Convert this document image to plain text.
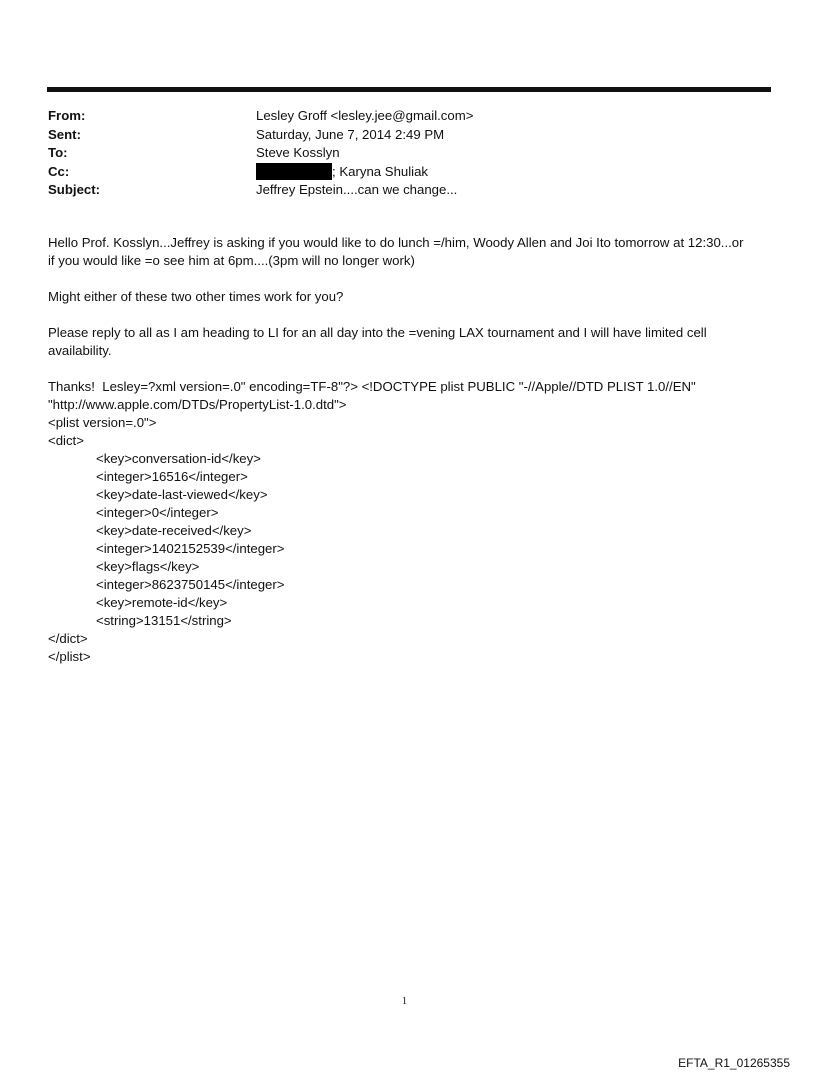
From:	Lesley Groff <lesley.jee@gmail.com>
Sent:	Saturday, June 7, 2014 2:49 PM
To:	Steve Kosslyn
Cc:	; Karyna Shuliak
Subject:	Jeffrey Epstein....can we change...
Hello Prof. Kosslyn...Jeffrey is asking if you would like to do lunch =/him, Woody Allen and Joi Ito tomorrow at 12:30...or
if you would like =o see him at 6pm....(3pm will no longer work)
Might either of these two other times work for you?
Please reply to all as I am heading to LI for an all day into the =vening LAX tournament and I will have limited cell
availability.
Thanks!  Lesley=?xml version=.0" encoding=TF-8"?> <!DOCTYPE plist PUBLIC "-//Apple//DTD PLIST 1.0//EN"
"http://www.apple.com/DTDs/PropertyList-1.0.dtd">
<plist version=.0">
<dict>
<key>conversation-id</key>
<integer>16516</integer>
<key>date-last-viewed</key>
<integer>0</integer>
<key>date-received</key>
<integer>1402152539</integer>
<key>flags</key>
<integer>8623750145</integer>
<key>remote-id</key>
<string>13151</string>
</dict>
</plist>
1
EFTA_R1_01265355
